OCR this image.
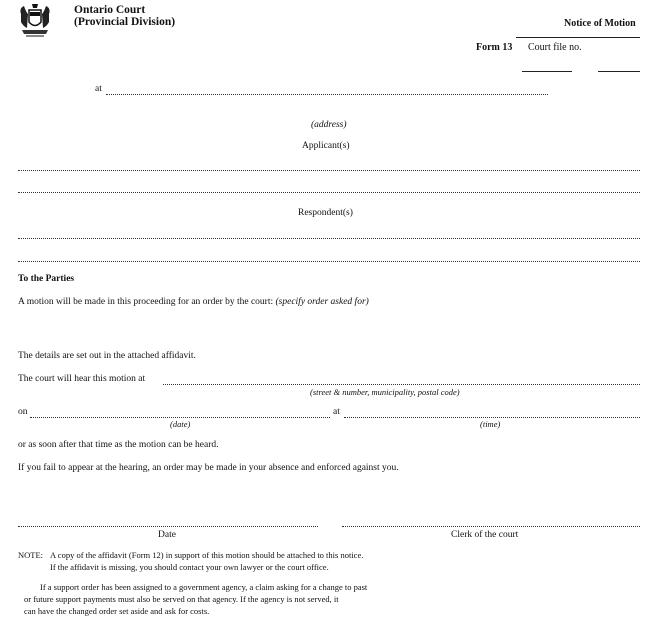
Ontario Court
(Provincial Division)	Notice of Motion
Form 13 Court file no.
at
(address)
Applicant(s)
Respondent(s)
To the Parties
A motion will be made in this proceeding for an order by the court: (specify order asked for)
The details are set out in the attached affidavit.
The court will hear this motion at
(street & number, municipality, postal code)
on	at
(date)	(time)
or as soon after that time as the motion can be heard.
If you fail to appear at the hearing, an order may be made in your absence and enforced against you.
Date	Clerk of the court
NOTE: A copy of the affidavit (Form 12) in support of this motion should be attached to this notice.
If the affidavit is missing, you should contact your own lawyer or the court office.
If a support order has been assigned to a government agency, a claim asking for a change to past
or future support payments must also be served on that agency. If the agency is not served, it
can have the changed order set aside and ask for costs.
